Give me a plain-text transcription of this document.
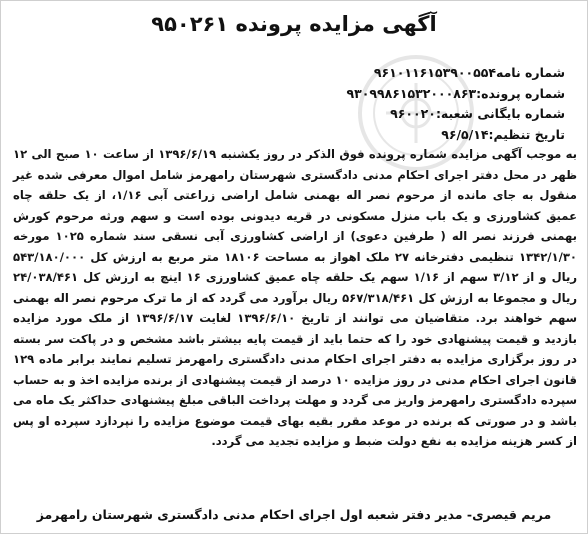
آگهی مزایده پرونده ۹۵۰۲۶۱
شماره نامه۹۶۱۰۱۱۶۱۵۳۹۰۰۵۵۴
شماره پرونده:۹۳۰۹۹۸۶۱۵۳۲۰۰۰۸۶۳
شماره بایگانی شعبه:۹۶۰۰۲۰
تاریخ تنظیم:۹۶/۵/۱۴
به موجب آگهی مزایده شماره پرونده فوق الذکر در روز یکشنبه ۱۳۹۶/۶/۱۹ از ساعت ۱۰ صبح الی ۱۲ ظهر در محل دفتر اجرای احکام مدنی دادگستری شهرستان رامهرمز شامل اموال معرفی شده غیر منقول به جای مانده از مرحوم نصر اله بهمنی شامل اراضی زراعتی آبی ۱/۱۶، از یک حلقه چاه عمیق کشاورزی و یک باب منزل مسکونی در قریه دیدونی بوده است و سهم ورثه مرحوم کورش بهمنی فرزند نصر اله ( طرفین دعوی) از اراضی کشاورزی آبی نسقی سند شماره ۱۰۲۵ مورخه ۱۳۴۲/۱/۳۰ تنظیمی دفترخانه ۲۷ ملک اهواز به مساحت ۱۸۱۰۶ متر مربع به ارزش کل ۵۴۳/۱۸۰/۰۰۰ ریال و از ۳/۱۲ سهم از ۱/۱۶ سهم یک حلقه چاه عمیق کشاورزی ۱۶ اینچ به ارزش کل ۲۴/۰۳۸/۴۶۱ ریال و مجموعا به ارزش کل ۵۶۷/۳۱۸/۴۶۱ ریال برآورد می گردد که از ما ترک مرحوم نصر اله بهمنی سهم خواهند برد. متقاضیان می توانند از تاریخ ۱۳۹۶/۶/۱۰ لغایت ۱۳۹۶/۶/۱۷ از ملک مورد مزایده بازدید و قیمت پیشنهادی خود را که حتما باید از قیمت پایه بیشتر باشد مشخص و در پاکت سر بسته در روز برگزاری مزایده به دفتر اجرای احکام مدنی دادگستری رامهرمز تسلیم نمایند برابر ماده ۱۲۹ قانون اجرای احکام مدنی در روز مزایده ۱۰ درصد از قیمت پیشنهادی از برنده مزایده اخذ و به حساب سپرده دادگستری رامهرمز واریز می گردد و مهلت پرداخت الباقی مبلغ پیشنهادی حداکثر یک ماه می باشد و در صورتی که برنده در موعد مقرر بقیه بهای قیمت موضوع مزایده را نپردازد سپرده او پس از کسر هزینه مزایده به نفع دولت ضبط و مزایده تجدید می گردد.
مریم قیصری- مدیر دفتر شعبه اول اجرای احکام مدنی دادگستری شهرستان رامهرمز
